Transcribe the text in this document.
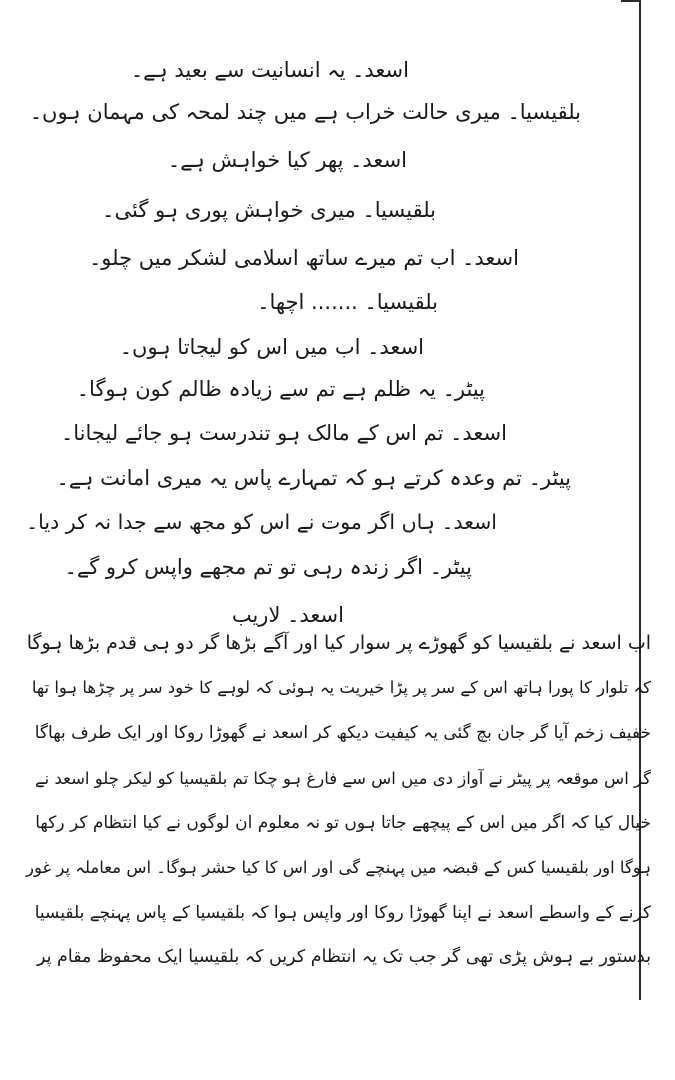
اسعد۔ یہ انسانیت سے بعید ہے۔
بلقیسیا۔ میری حالت خراب ہے میں چند لمحہ کی مہمان ہوں۔
اسعد۔ پھر کیا خواہش ہے۔
بلقیسیا۔ میری خواہش پوری ہو گئی۔
اسعد۔ اب تم میرے ساتھ اسلامی لشکر میں چلو۔
بلقیسیا۔ ....... اچھا۔
اسعد۔ اب میں اس کو لیجاتا ہوں۔
پیٹر۔ یہ ظلم ہے تم سے زیادہ ظالم کون ہوگا۔
اسعد۔ تم اس کے مالک ہو تندرست ہو جائے لیجانا۔
پیٹر۔ تم وعدہ کرتے ہو کہ تمہارے پاس یہ میری امانت ہے۔
اسعد۔ ہاں اگر موت نے اس کو مجھ سے جدا نہ کر دیا۔
پیٹر۔ اگر زندہ رہی تو تم مجھے واپس کرو گے۔
اسعد۔ لاریب
اب اسعد نے بلقیسیا کو گھوڑے پر سوار کیا اور آگے بڑھا گر دو ہی قدم بڑھا ہوگا
کہ تلوار کا پورا ہاتھ اس کے سر پر پڑا خیریت یہ ہوئی کہ لوہے کا خود سر پر چڑھا ہوا تھا
خفیف زخم آیا گر جان بچ گئی یہ کیفیت دیکھ کر اسعد نے گھوڑا روکا اور ایک طرف بھاگا
گر اس موقعہ پر پیٹر نے آواز دی میں اس سے فارغ ہو چکا تم بلقیسیا کو لیکر چلو اسعد نے
خیال کیا کہ اگر میں اس کے پیچھے جاتا ہوں تو نہ معلوم ان لوگوں نے کیا انتظام کر رکھا
ہوگا اور بلقیسیا کس کے قبضہ میں پہنچے گی اور اس کا کیا حشر ہوگا۔ اس معاملہ پر غور
کرنے کے واسطے اسعد نے اپنا گھوڑا روکا اور واپس ہوا کہ بلقیسیا کے پاس پہنچے بلقیسیا
بدستور بے ہوش پڑی تھی گر جب تک یہ انتظام کریں کہ بلقیسیا ایک محفوظ مقام پر
